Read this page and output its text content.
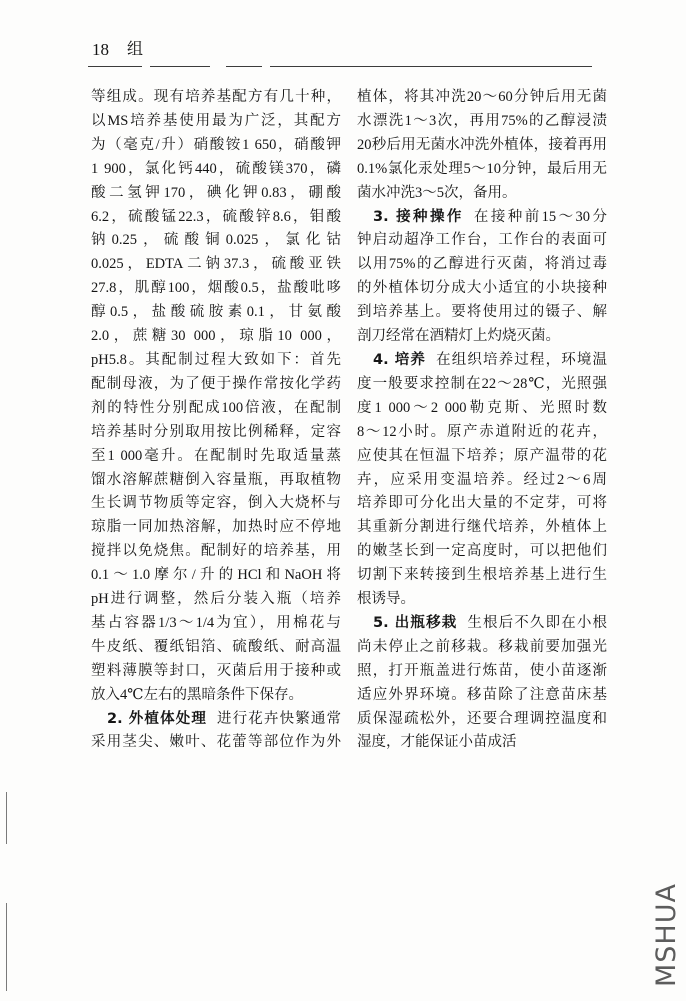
18 组
等组成。现有培养基配方有几十种，
以MS培养基使用最为广泛，其配方
为（毫克/升）硝酸铵1 650，硝酸钾
1 900，氯化钙440，硫酸镁370，磷
酸二氢钾170，碘化钾0.83，硼酸
6.2，硫酸锰22.3，硫酸锌8.6，钼酸
钠0.25，硫酸铜0.025，氯化钴
0.025，EDTA二钠37.3，硫酸亚铁
27.8，肌醇100，烟酸0.5，盐酸吡哆
醇0.5，盐酸硫胺素0.1，甘氨酸
2.0，蔗糖30 000，琼脂10 000，
pH5.8。其配制过程大致如下：首先
配制母液，为了便于操作常按化学药
剂的特性分别配成100倍液，在配制
培养基时分别取用按比例稀释，定容
至1 000毫升。在配制时先取适量蒸
馏水溶解蔗糖倒入容量瓶，再取植物
生长调节物质等定容，倒入大烧杯与
琼脂一同加热溶解，加热时应不停地
搅拌以免烧焦。配制好的培养基，用
0.1～1.0摩尔/升的HCl和NaOH将
pH进行调整，然后分装入瓶（培养
基占容器1/3～1/4为宜），用棉花与
牛皮纸、覆纸铝箔、硫酸纸、耐高温
塑料薄膜等封口，灭菌后用于接种或
放入4℃左右的黑暗条件下保存。
2. 外植体处理 进行花卉快繁通常
采用茎尖、嫩叶、花蕾等部位作为外
植体，将其冲洗20～60分钟后用无菌
水漂洗1～3次，再用75%的乙醇浸渍
20秒后用无菌水冲洗外植体，接着再用
0.1%氯化汞处理5～10分钟，最后用无
菌水冲洗3～5次，备用。
3. 接种操作 在接种前15～30分
钟启动超净工作台，工作台的表面可
以用75%的乙醇进行灭菌，将消过毒
的外植体切分成大小适宜的小块接种
到培养基上。要将使用过的镊子、解
剖刀经常在酒精灯上灼烧灭菌。
4. 培养 在组织培养过程，环境温
度一般要求控制在22～28℃，光照强
度1 000～2 000勒克斯、光照时数
8～12小时。原产赤道附近的花卉，
应使其在恒温下培养；原产温带的花
卉，应采用变温培养。经过2～6周
培养即可分化出大量的不定芽，可将
其重新分割进行继代培养，外植体上
的嫩茎长到一定高度时，可以把他们
切割下来转接到生根培养基上进行生
根诱导。
5. 出瓶移栽 生根后不久即在小根
尚未停止之前移栽。移栽前要加强光
照，打开瓶盖进行炼苗，使小苗逐渐
适应外界环境。移苗除了注意苗床基
质保湿疏松外，还要合理调控温度和
湿度，才能保证小苗成活
MSHUA
